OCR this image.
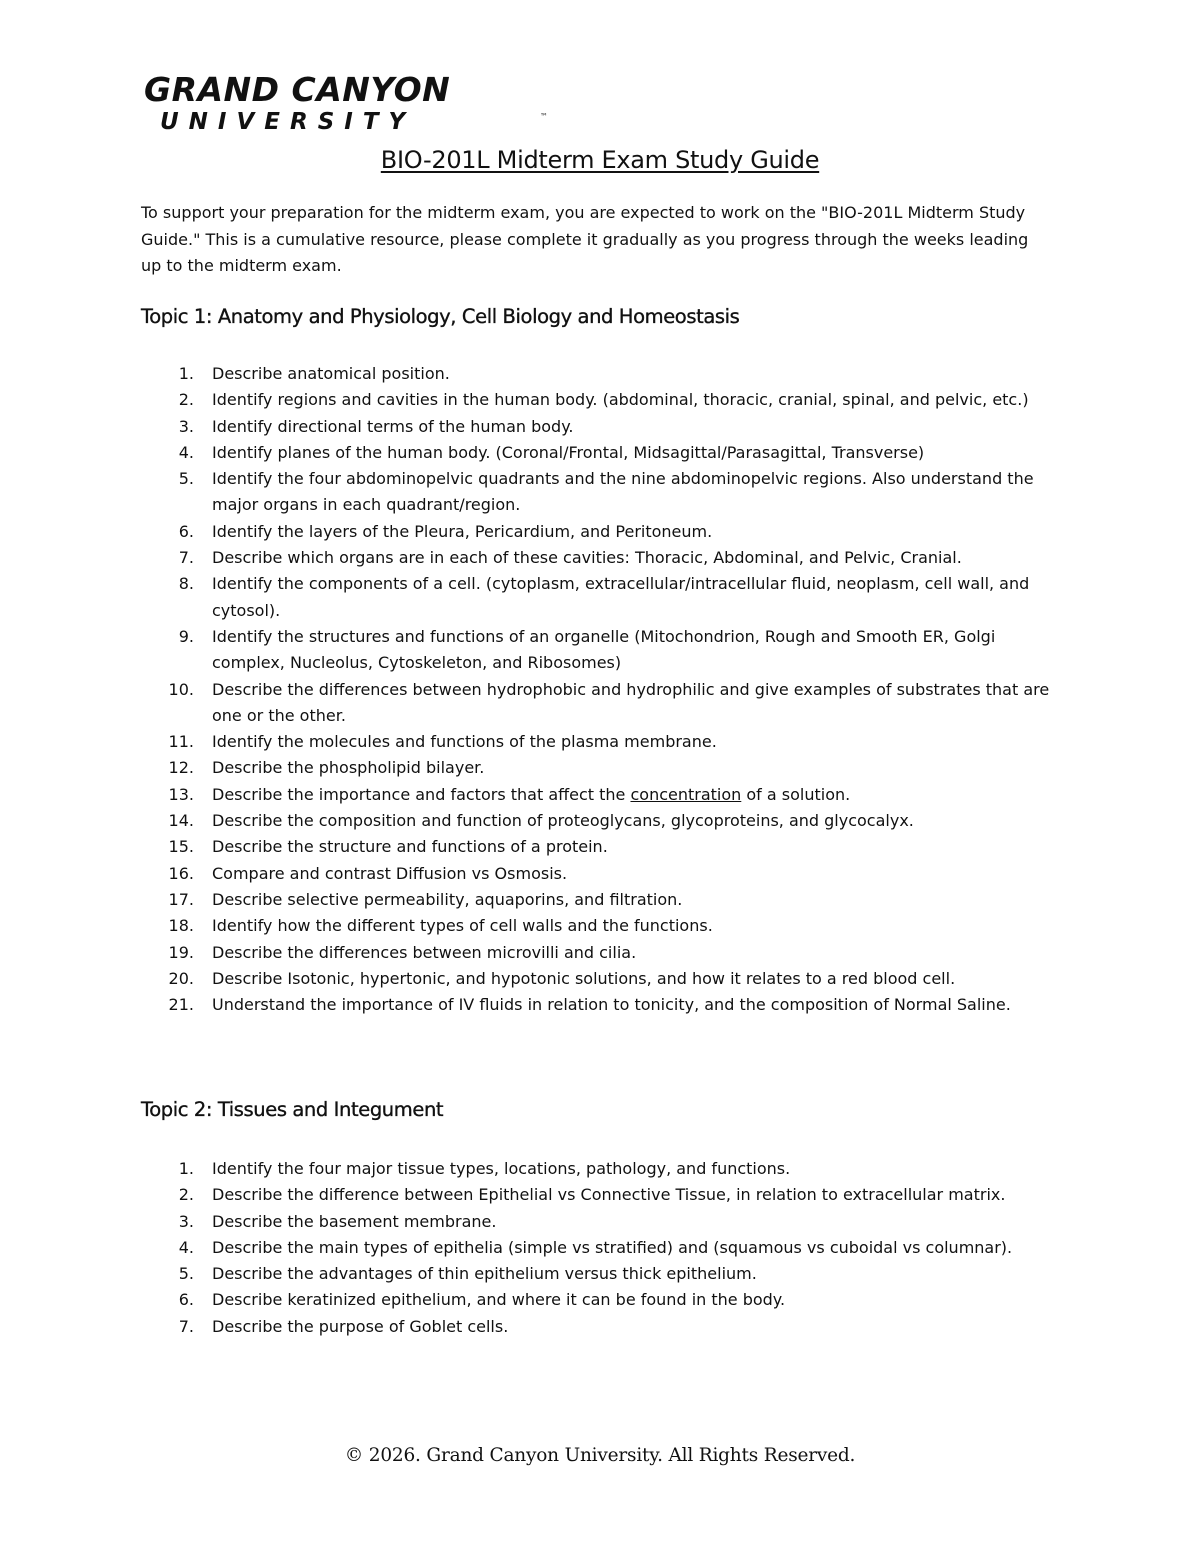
GRAND CANYON
UNIVERSITY	™
BIO-201L Midterm Exam Study Guide

To support your preparation for the midterm exam, you are expected to work on the "BIO-201L Midterm Study Guide." This is a cumulative resource, please complete it gradually as you progress through the weeks leading up to the midterm exam.

Topic 1: Anatomy and Physiology, Cell Biology and Homeostasis
1. Describe anatomical position.
2. Identify regions and cavities in the human body. (abdominal, thoracic, cranial, spinal, and pelvic, etc.)
3. Identify directional terms of the human body.
4. Identify planes of the human body. (Coronal/Frontal, Midsagittal/Parasagittal, Transverse)
5. Identify the four abdominopelvic quadrants and the nine abdominopelvic regions. Also understand the major organs in each quadrant/region.
6. Identify the layers of the Pleura, Pericardium, and Peritoneum.
7. Describe which organs are in each of these cavities: Thoracic, Abdominal, and Pelvic, Cranial.
8. Identify the components of a cell. (cytoplasm, extracellular/intracellular fluid, neoplasm, cell wall, and cytosol).
9. Identify the structures and functions of an organelle (Mitochondrion, Rough and Smooth ER, Golgi complex, Nucleolus, Cytoskeleton, and Ribosomes)
10. Describe the differences between hydrophobic and hydrophilic and give examples of substrates that are one or the other.
11. Identify the molecules and functions of the plasma membrane.
12. Describe the phospholipid bilayer.
13. Describe the importance and factors that affect the concentration of a solution.
14. Describe the composition and function of proteoglycans, glycoproteins, and glycocalyx.
15. Describe the structure and functions of a protein.
16. Compare and contrast Diffusion vs Osmosis.
17. Describe selective permeability, aquaporins, and filtration.
18. Identify how the different types of cell walls and the functions.
19. Describe the differences between microvilli and cilia.
20. Describe Isotonic, hypertonic, and hypotonic solutions, and how it relates to a red blood cell.
21. Understand the importance of IV fluids in relation to tonicity, and the composition of Normal Saline.
Topic 2: Tissues and Integument
1. Identify the four major tissue types, locations, pathology, and functions.
2. Describe the difference between Epithelial vs Connective Tissue, in relation to extracellular matrix.
3. Describe the basement membrane.
4. Describe the main types of epithelia (simple vs stratified) and (squamous vs cuboidal vs columnar).
5. Describe the advantages of thin epithelium versus thick epithelium.
6. Describe keratinized epithelium, and where it can be found in the body.
7. Describe the purpose of Goblet cells.

© 2026. Grand Canyon University. All Rights Reserved.
